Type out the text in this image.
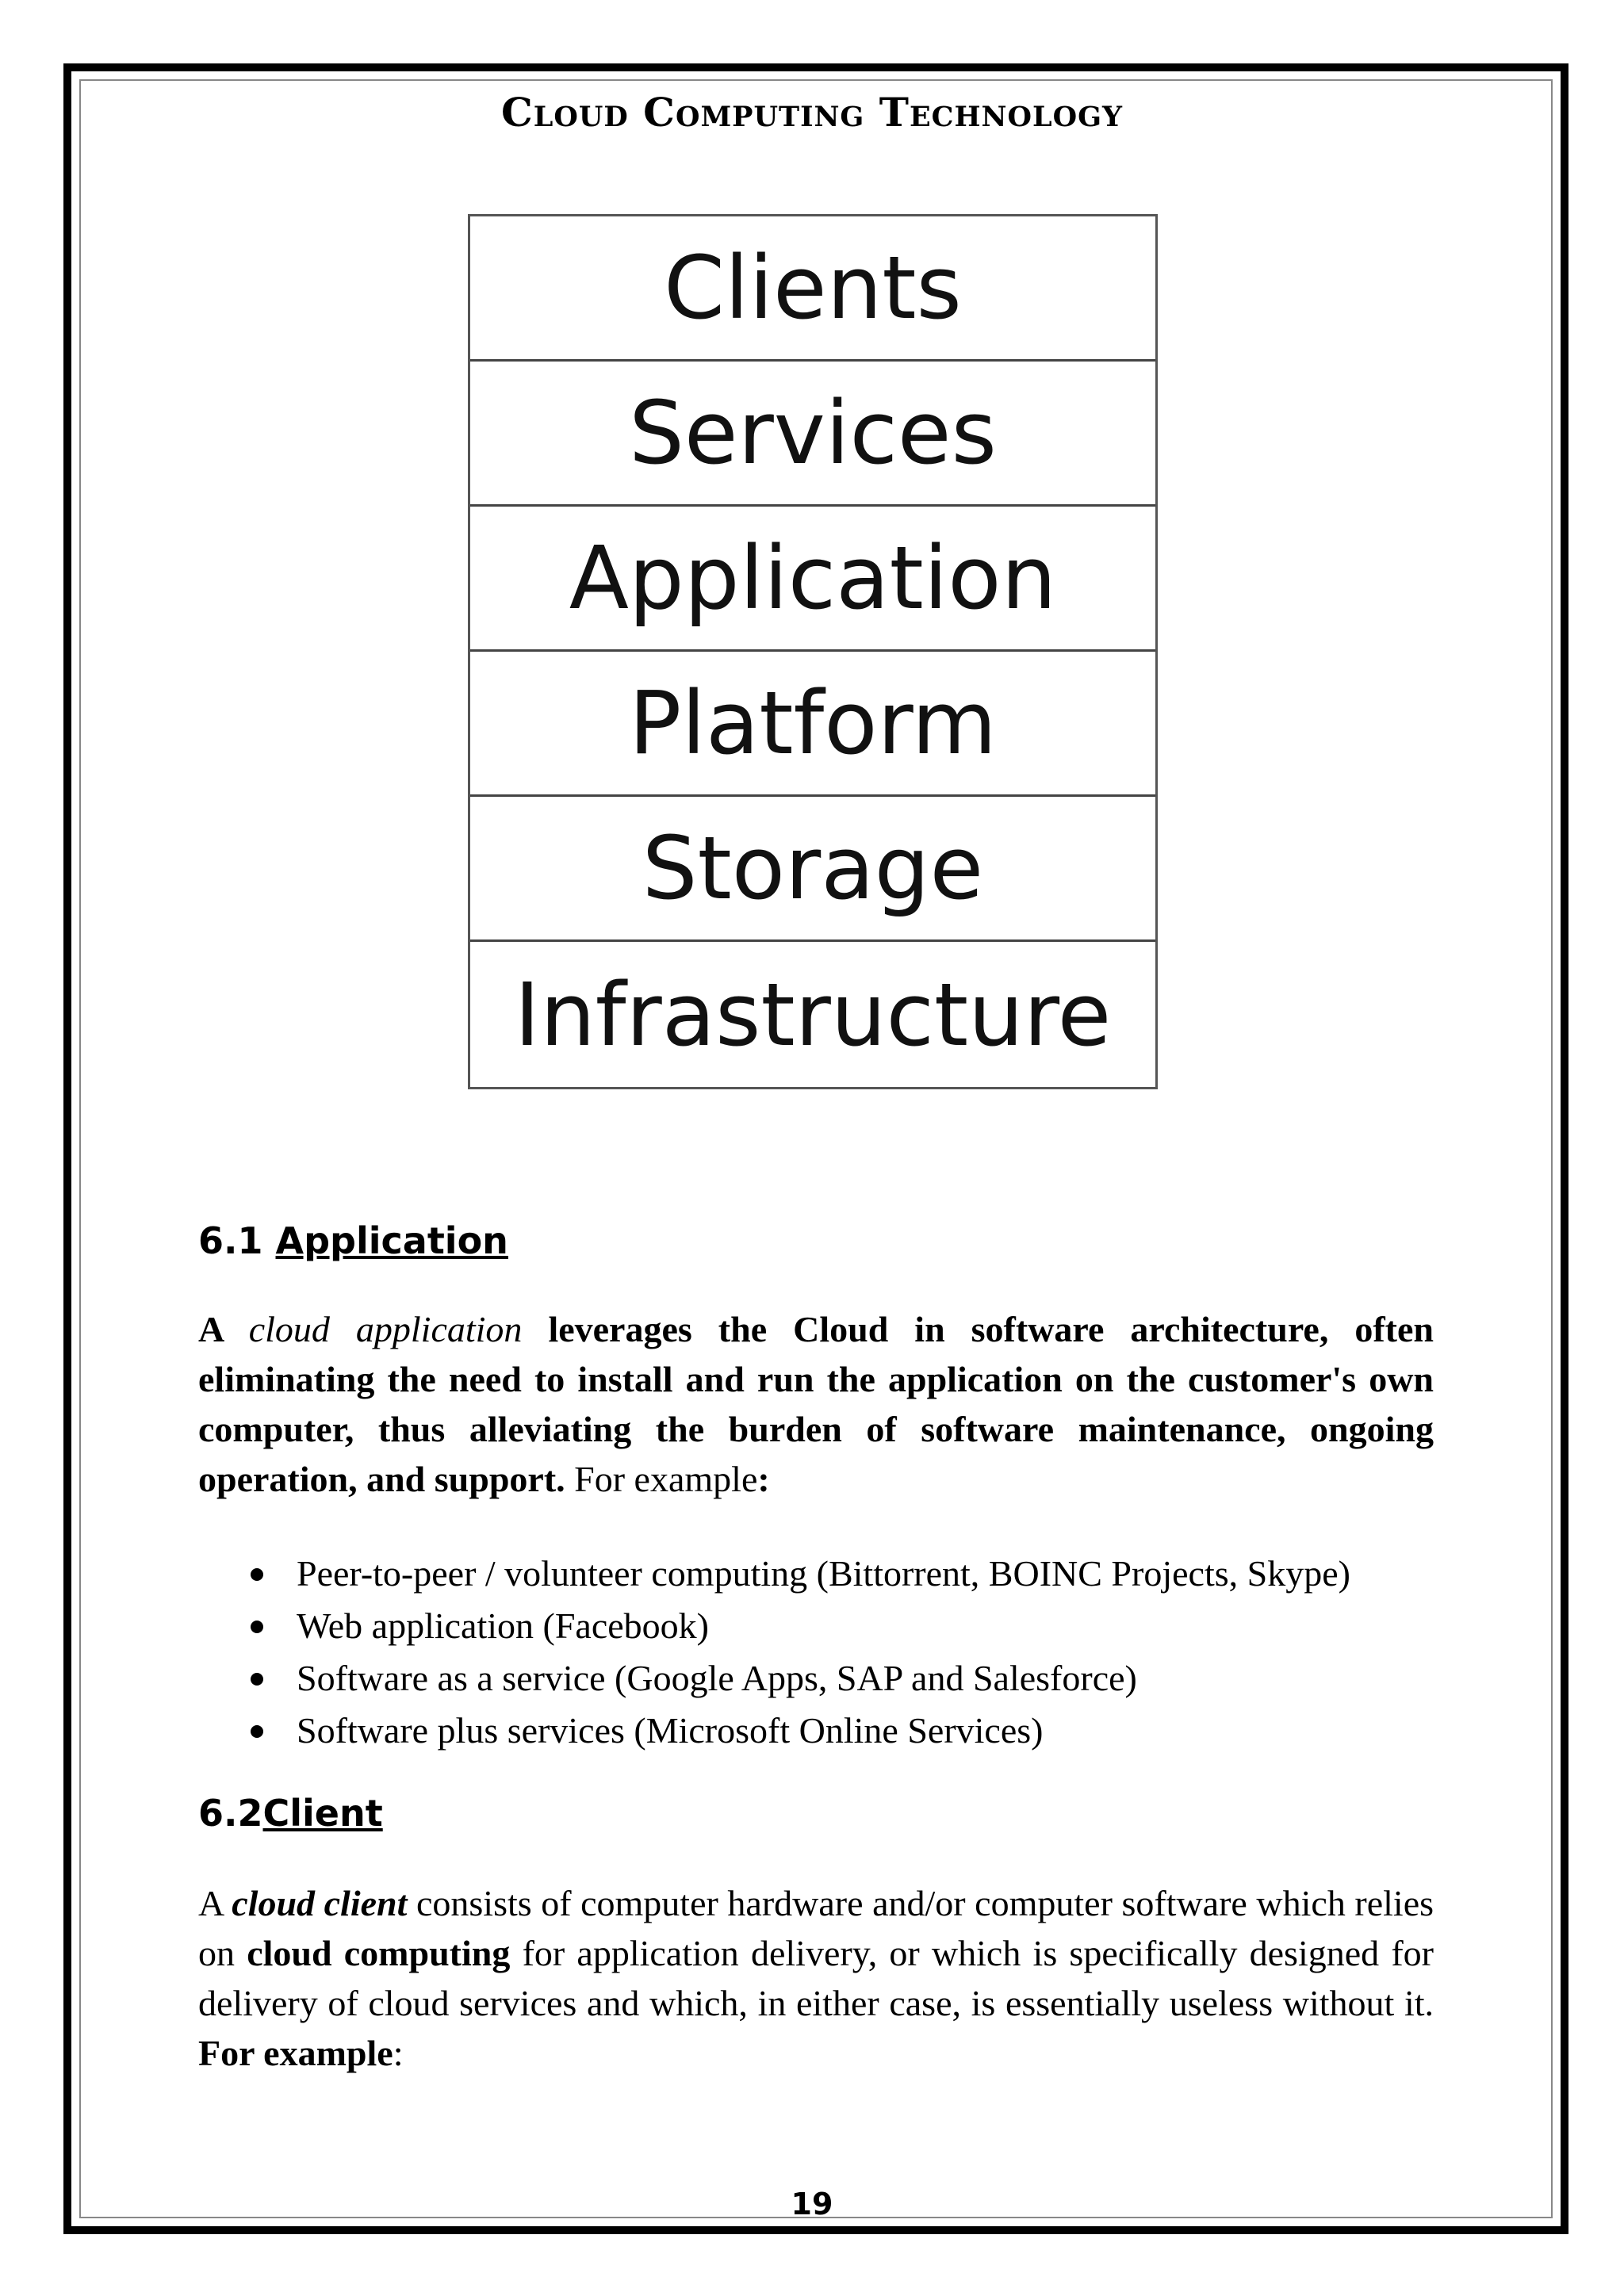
Cloud Computing Technology
Clients
Services
Application
Platform
Storage
Infrastructure
6.1 Application

A cloud application leverages the Cloud in software architecture, often eliminating the need to install and run the application on the customer's own computer, thus alleviating the burden of software maintenance, ongoing operation, and support. For example:

Peer-to-peer / volunteer computing (Bittorrent, BOINC Projects, Skype)
Web application (Facebook)
Software as a service (Google Apps, SAP and Salesforce)
Software plus services (Microsoft Online Services)
6.2Client

A cloud client consists of computer hardware and/or computer software which relies on cloud computing for application delivery, or which is specifically designed for delivery of cloud services and which, in either case, is essentially useless without it. For example:

19
